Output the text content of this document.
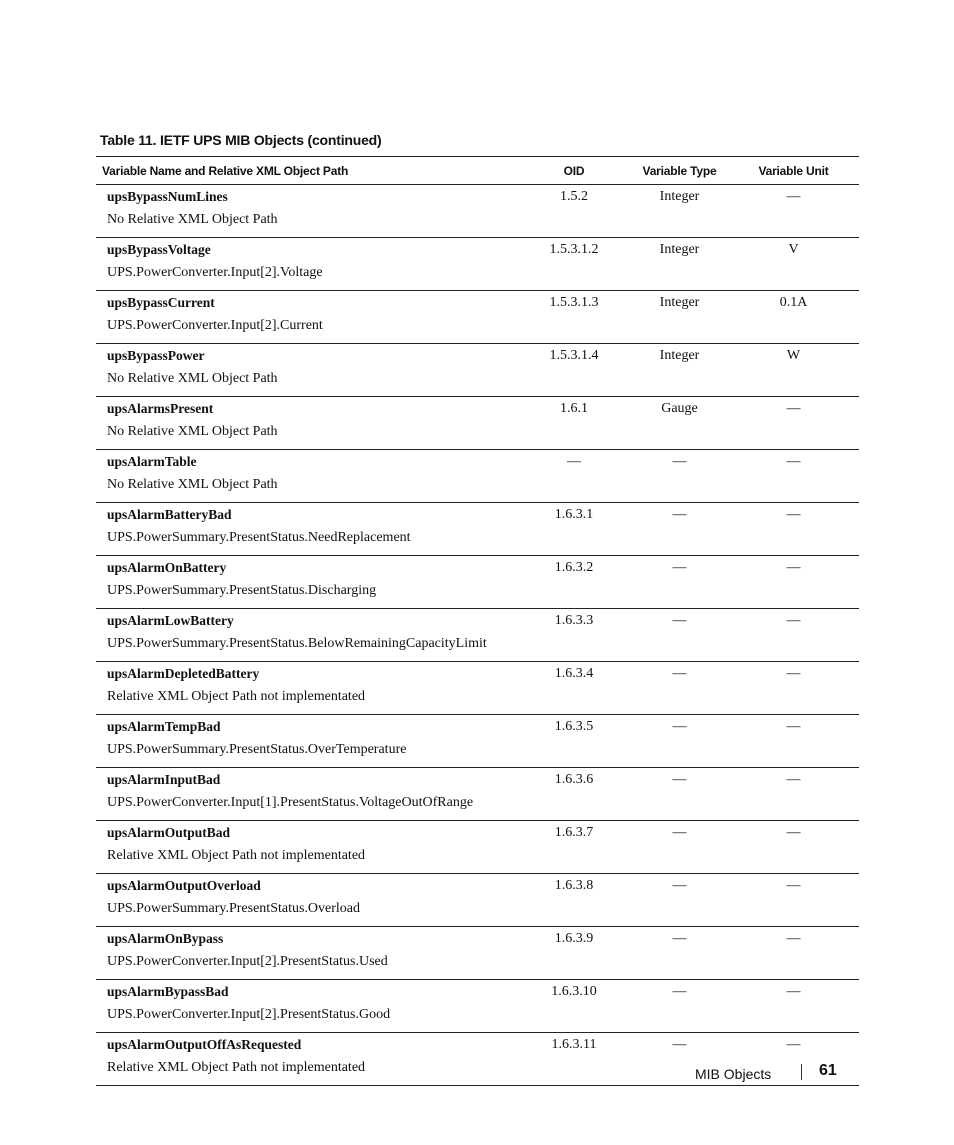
Table 11. IETF UPS MIB Objects (continued)
Variable Name and Relative XML Object Path	OID	Variable Type	Variable Unit

upsBypassNumLines
No Relative XML Object Path	1.5.2	Integer	—

upsBypassVoltage
UPS.PowerConverter.Input[2].Voltage	1.5.3.1.2	Integer	V

upsBypassCurrent
UPS.PowerConverter.Input[2].Current	1.5.3.1.3	Integer	0.1A

upsBypassPower
No Relative XML Object Path	1.5.3.1.4	Integer	W

upsAlarmsPresent
No Relative XML Object Path	1.6.1	Gauge	—

upsAlarmTable
No Relative XML Object Path	—	—	—

upsAlarmBatteryBad
UPS.PowerSummary.PresentStatus.NeedReplacement	1.6.3.1	—	—

upsAlarmOnBattery
UPS.PowerSummary.PresentStatus.Discharging	1.6.3.2	—	—

upsAlarmLowBattery
UPS.PowerSummary.PresentStatus.BelowRemainingCapacityLimit	1.6.3.3	—	—

upsAlarmDepletedBattery
Relative XML Object Path not implementated	1.6.3.4	—	—

upsAlarmTempBad
UPS.PowerSummary.PresentStatus.OverTemperature	1.6.3.5	—	—

upsAlarmInputBad
UPS.PowerConverter.Input[1].PresentStatus.VoltageOutOfRange	1.6.3.6	—	—

upsAlarmOutputBad
Relative XML Object Path not implementated	1.6.3.7	—	—

upsAlarmOutputOverload
UPS.PowerSummary.PresentStatus.Overload	1.6.3.8	—	—

upsAlarmOnBypass
UPS.PowerConverter.Input[2].PresentStatus.Used	1.6.3.9	—	—

upsAlarmBypassBad
UPS.PowerConverter.Input[2].PresentStatus.Good	1.6.3.10	—	—

upsAlarmOutputOffAsRequested
Relative XML Object Path not implementated	1.6.3.11	—	—
MIB Objects	61
